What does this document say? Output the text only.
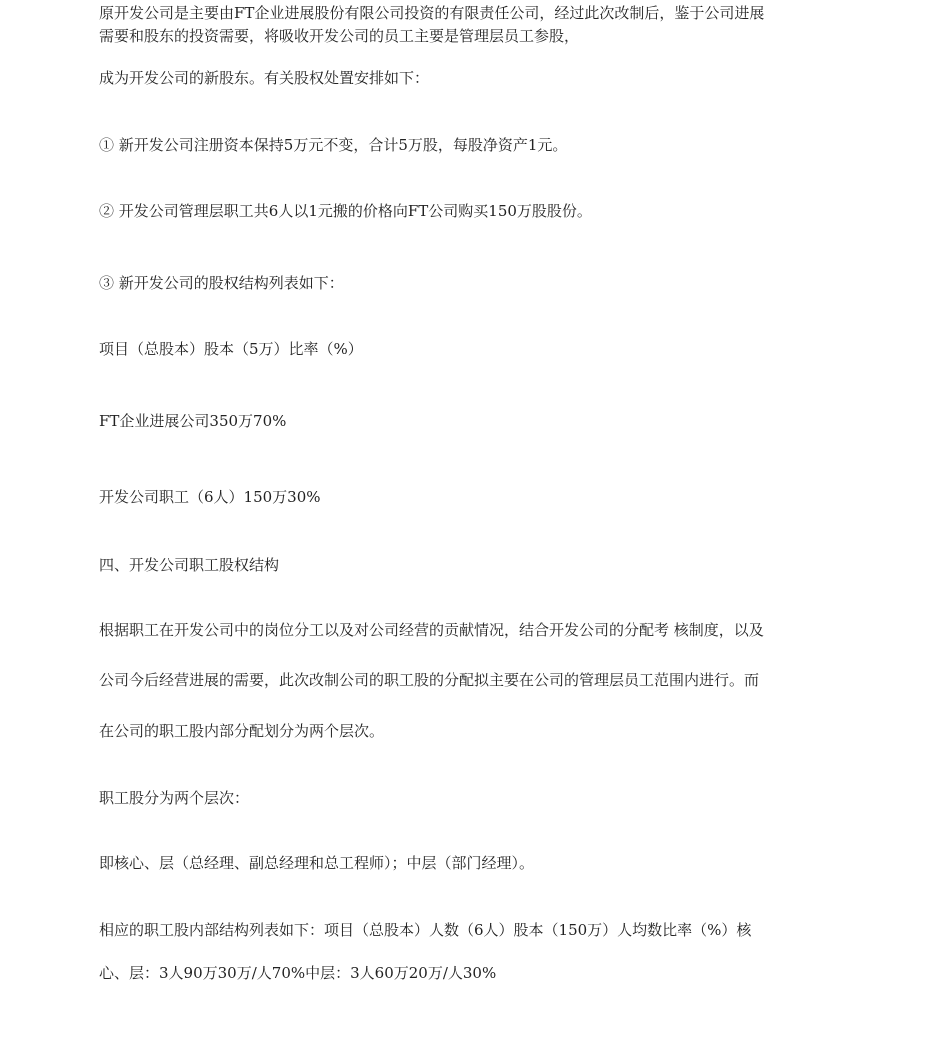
原开发公司是主要由FT企业进展股份有限公司投资的有限责任公司，经过此次改制后，鉴于公司进展
需要和股东的投资需要，将吸收开发公司的员工主要是管理层员工参股，
成为开发公司的新股东。有关股权处置安排如下：
① 新开发公司注册资本保持5万元不变，合计5万股，每股净资产1元。
② 开发公司管理层职工共6人以1元搬的价格向FT公司购买150万股股份。
③ 新开发公司的股权结构列表如下：
项目（总股本）股本（5万）比率（%）
FT企业进展公司350万70%
开发公司职工（6人）150万30%
四、开发公司职工股权结构
根据职工在开发公司中的岗位分工以及对公司经营的贡献情况，结合开发公司的分配考 核制度，以及
公司今后经营进展的需要，此次改制公司的职工股的分配拟主要在公司的管理层员工范围内进行。而
在公司的职工股内部分配划分为两个层次。
职工股分为两个层次：
即核心、层（总经理、副总经理和总工程师）；中层（部门经理）。
相应的职工股内部结构列表如下：项目（总股本）人数（6人）股本（150万）人均数比率（%）核
心、层：3人90万30万/人70%中层：3人60万20万/人30%
